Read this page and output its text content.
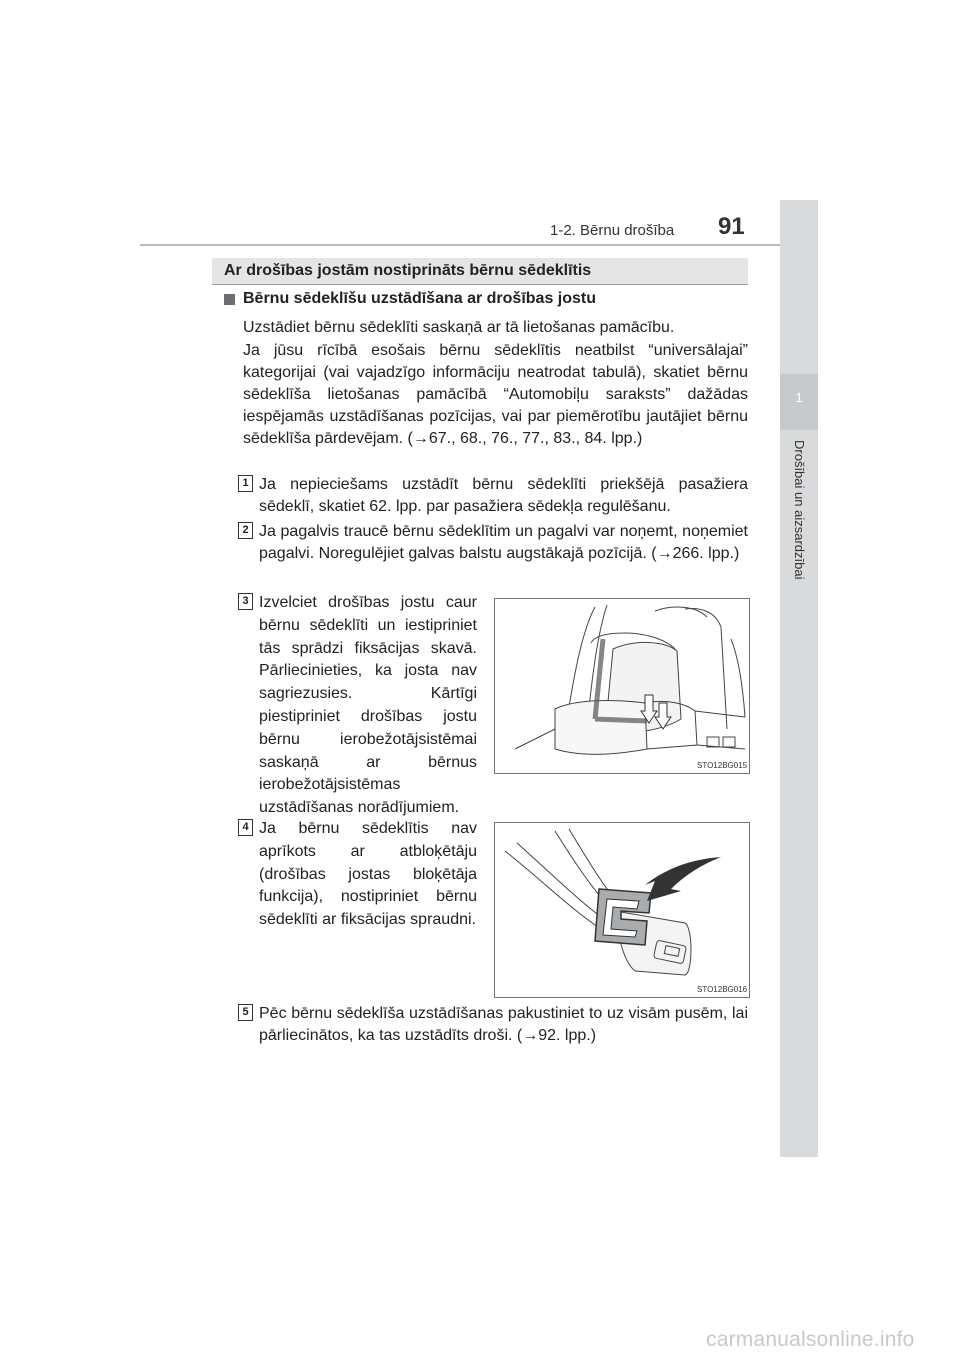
1-2. Bērnu drošība 91
1
Drošībai un aizsardzībai
Ar drošības jostām nostiprināts bērnu sēdeklītis
Bērnu sēdeklīšu uzstādīšana ar drošības jostu
Uzstādiet bērnu sēdeklīti saskaņā ar tā lietošanas pamācību.
Ja jūsu rīcībā esošais bērnu sēdeklītis neatbilst “universālajai” kategorijai (vai vajadzīgo informāciju neatrodat tabulā), skatiet bērnu sēdeklīša lietošanas pamācībā “Automobiļu saraksts” dažādas iespējamās uzstādīšanas pozīcijas, vai par piemērotību jautājiet bērnu sēdeklīša pārdevējam. (→67., 68., 76., 77., 83., 84. lpp.)
1 Ja nepieciešams uzstādīt bērnu sēdeklīti priekšējā pasažiera sēdeklī, skatiet 62. lpp. par pasažiera sēdekļa regulēšanu.
2 Ja pagalvis traucē bērnu sēdeklītim un pagalvi var noņemt, noņemiet pagalvi. Noregulējiet galvas balstu augstākajā pozīcijā. (→266. lpp.)
3 Izvelciet drošības jostu caur bērnu sēdeklīti un iestipriniet tās sprādzi fiksācijas skavā. Pārliecinieties, ka josta nav sagriezusies. Kārtīgi piestipriniet drošības jostu bērnu ierobežotājsistēmai saskaņā ar bērnus ierobežotājsistēmas uzstādīšanas norādījumiem.
STO12BG015
4 Ja bērnu sēdeklītis nav aprīkots ar atbloķētāju (drošības jostas bloķētāja funkcija), nostipriniet bērnu sēdeklīti ar fiksācijas spraudni.
STO12BG016
5 Pēc bērnu sēdeklīša uzstādīšanas pakustiniet to uz visām pusēm, lai pārliecinātos, ka tas uzstādīts droši. (→92. lpp.)
carmanualsonline.info
